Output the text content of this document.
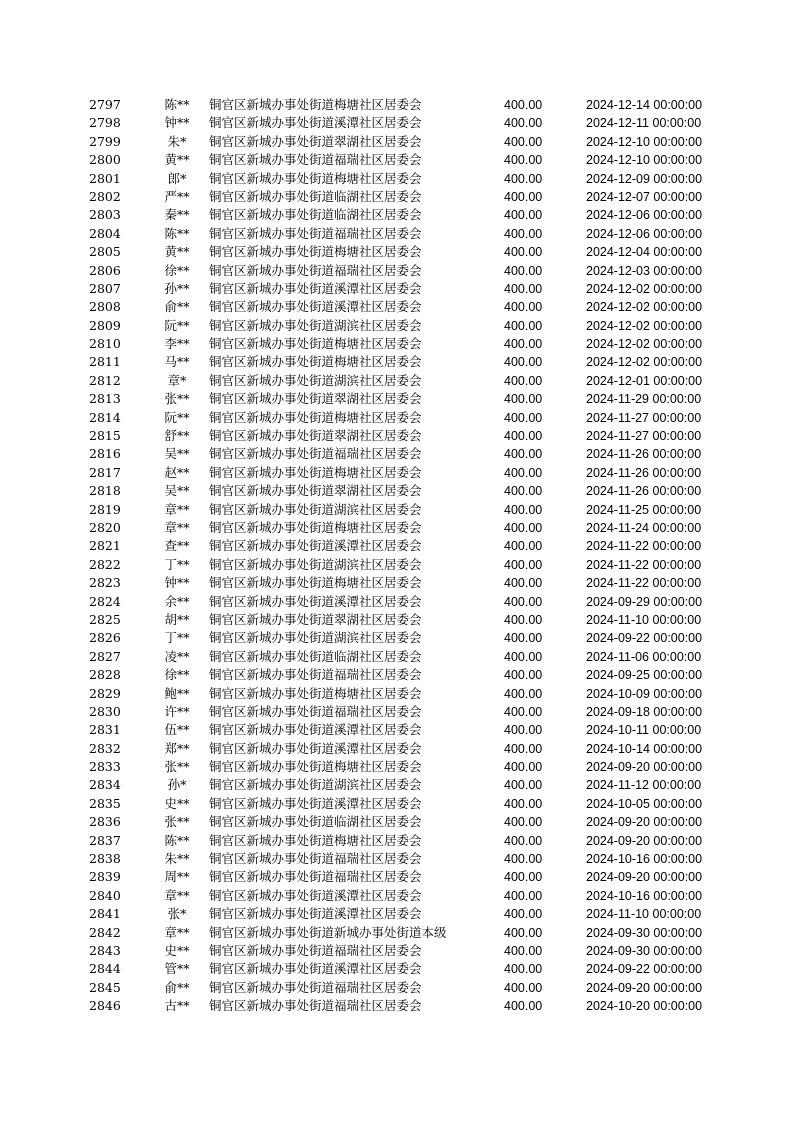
2797	陈**	铜官区新城办事处街道梅塘社区居委会	400.00	2024-12-14 00:00:00
2798	钟**	铜官区新城办事处街道溪潭社区居委会	400.00	2024-12-11 00:00:00
2799	朱*	铜官区新城办事处街道翠湖社区居委会	400.00	2024-12-10 00:00:00
2800	黄**	铜官区新城办事处街道福瑞社区居委会	400.00	2024-12-10 00:00:00
2801	郎*	铜官区新城办事处街道梅塘社区居委会	400.00	2024-12-09 00:00:00
2802	严**	铜官区新城办事处街道临湖社区居委会	400.00	2024-12-07 00:00:00
2803	秦**	铜官区新城办事处街道临湖社区居委会	400.00	2024-12-06 00:00:00
2804	陈**	铜官区新城办事处街道福瑞社区居委会	400.00	2024-12-06 00:00:00
2805	黄**	铜官区新城办事处街道梅塘社区居委会	400.00	2024-12-04 00:00:00
2806	徐**	铜官区新城办事处街道福瑞社区居委会	400.00	2024-12-03 00:00:00
2807	孙**	铜官区新城办事处街道溪潭社区居委会	400.00	2024-12-02 00:00:00
2808	俞**	铜官区新城办事处街道溪潭社区居委会	400.00	2024-12-02 00:00:00
2809	阮**	铜官区新城办事处街道湖滨社区居委会	400.00	2024-12-02 00:00:00
2810	李**	铜官区新城办事处街道梅塘社区居委会	400.00	2024-12-02 00:00:00
2811	马**	铜官区新城办事处街道梅塘社区居委会	400.00	2024-12-02 00:00:00
2812	章*	铜官区新城办事处街道湖滨社区居委会	400.00	2024-12-01 00:00:00
2813	张**	铜官区新城办事处街道翠湖社区居委会	400.00	2024-11-29 00:00:00
2814	阮**	铜官区新城办事处街道梅塘社区居委会	400.00	2024-11-27 00:00:00
2815	舒**	铜官区新城办事处街道翠湖社区居委会	400.00	2024-11-27 00:00:00
2816	吴**	铜官区新城办事处街道福瑞社区居委会	400.00	2024-11-26 00:00:00
2817	赵**	铜官区新城办事处街道梅塘社区居委会	400.00	2024-11-26 00:00:00
2818	吴**	铜官区新城办事处街道翠湖社区居委会	400.00	2024-11-26 00:00:00
2819	章**	铜官区新城办事处街道湖滨社区居委会	400.00	2024-11-25 00:00:00
2820	章**	铜官区新城办事处街道梅塘社区居委会	400.00	2024-11-24 00:00:00
2821	查**	铜官区新城办事处街道溪潭社区居委会	400.00	2024-11-22 00:00:00
2822	丁**	铜官区新城办事处街道湖滨社区居委会	400.00	2024-11-22 00:00:00
2823	钟**	铜官区新城办事处街道梅塘社区居委会	400.00	2024-11-22 00:00:00
2824	余**	铜官区新城办事处街道溪潭社区居委会	400.00	2024-09-29 00:00:00
2825	胡**	铜官区新城办事处街道翠湖社区居委会	400.00	2024-11-10 00:00:00
2826	丁**	铜官区新城办事处街道湖滨社区居委会	400.00	2024-09-22 00:00:00
2827	凌**	铜官区新城办事处街道临湖社区居委会	400.00	2024-11-06 00:00:00
2828	徐**	铜官区新城办事处街道福瑞社区居委会	400.00	2024-09-25 00:00:00
2829	鲍**	铜官区新城办事处街道梅塘社区居委会	400.00	2024-10-09 00:00:00
2830	许**	铜官区新城办事处街道福瑞社区居委会	400.00	2024-09-18 00:00:00
2831	伍**	铜官区新城办事处街道溪潭社区居委会	400.00	2024-10-11 00:00:00
2832	郑**	铜官区新城办事处街道溪潭社区居委会	400.00	2024-10-14 00:00:00
2833	张**	铜官区新城办事处街道梅塘社区居委会	400.00	2024-09-20 00:00:00
2834	孙*	铜官区新城办事处街道湖滨社区居委会	400.00	2024-11-12 00:00:00
2835	史**	铜官区新城办事处街道溪潭社区居委会	400.00	2024-10-05 00:00:00
2836	张**	铜官区新城办事处街道临湖社区居委会	400.00	2024-09-20 00:00:00
2837	陈**	铜官区新城办事处街道梅塘社区居委会	400.00	2024-09-20 00:00:00
2838	朱**	铜官区新城办事处街道福瑞社区居委会	400.00	2024-10-16 00:00:00
2839	周**	铜官区新城办事处街道福瑞社区居委会	400.00	2024-09-20 00:00:00
2840	章**	铜官区新城办事处街道溪潭社区居委会	400.00	2024-10-16 00:00:00
2841	张*	铜官区新城办事处街道溪潭社区居委会	400.00	2024-11-10 00:00:00
2842	章**	铜官区新城办事处街道新城办事处街道本级	400.00	2024-09-30 00:00:00
2843	史**	铜官区新城办事处街道福瑞社区居委会	400.00	2024-09-30 00:00:00
2844	管**	铜官区新城办事处街道溪潭社区居委会	400.00	2024-09-22 00:00:00
2845	俞**	铜官区新城办事处街道福瑞社区居委会	400.00	2024-09-20 00:00:00
2846	古**	铜官区新城办事处街道福瑞社区居委会	400.00	2024-10-20 00:00:00
